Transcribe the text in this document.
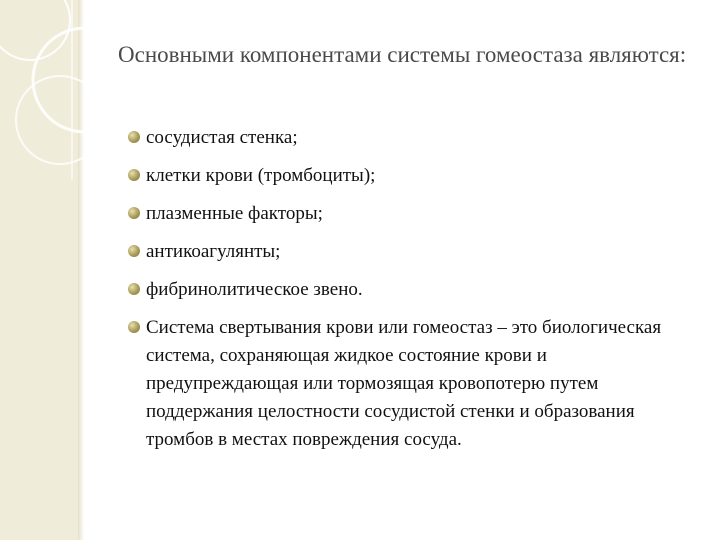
Основными компонентами системы гомеостаза являются:
сосудистая стенка;
клетки крови (тромбоциты);
плазменные факторы;
антикоагулянты;
фибринолитическое звено.
Система свертывания крови или гомеостаз – это биологическая система, сохраняющая жидкое состояние крови и предупреждающая или тормозящая кровопотерю путем поддержания целостности сосудистой стенки и образования тромбов в местах повреждения сосуда.
